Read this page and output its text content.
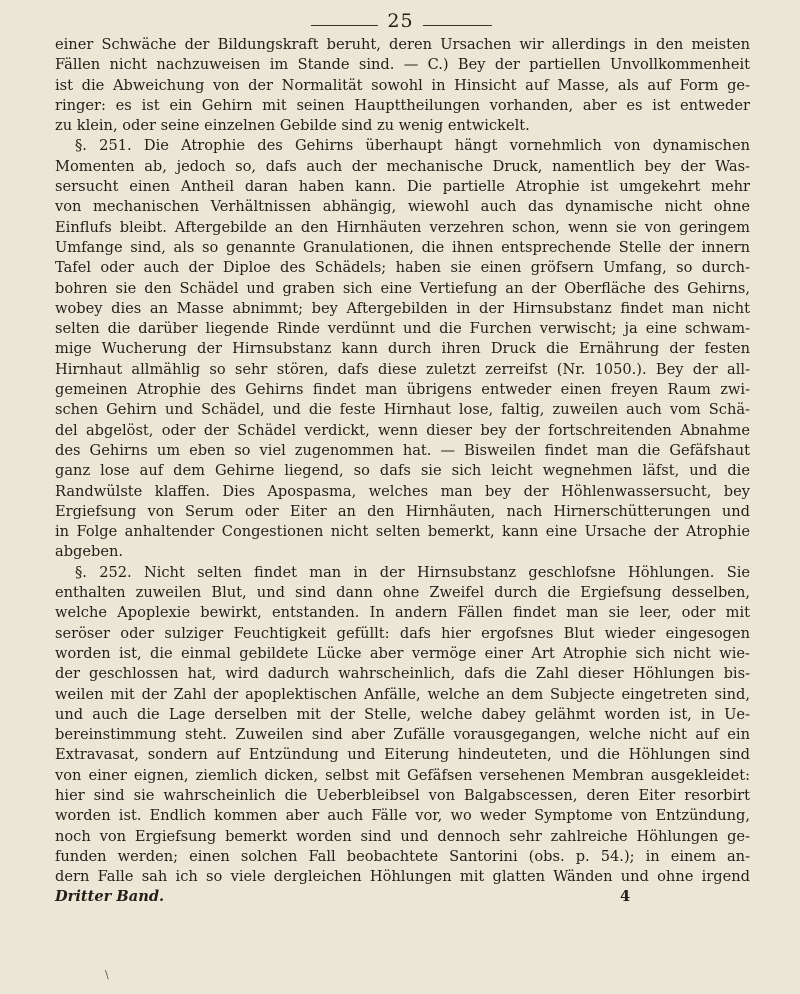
25
einer Schwäche der Bildungskraft beruht, deren Ursachen wir allerdings in den meisten
Fällen nicht nachzuweisen im Stande sind. — C.) Bey der partiellen Unvollkommenheit
ist die Abweichung von der Normalität sowohl in Hinsicht auf Masse, als auf Form ge-
ringer: es ist ein Gehirn mit seinen Haupttheilungen vorhanden, aber es ist entweder
zu klein, oder seine einzelnen Gebilde sind zu wenig entwickelt.
§. 251. Die Atrophie des Gehirns überhaupt hängt vornehmlich von dynamischen
Momenten ab, jedoch so, dafs auch der mechanische Druck, namentlich bey der Was-
sersucht einen Antheil daran haben kann. Die partielle Atrophie ist umgekehrt mehr
von mechanischen Verhältnissen abhängig, wiewohl auch das dynamische nicht ohne
Einflufs bleibt. Aftergebilde an den Hirnhäuten verzehren schon, wenn sie von geringem
Umfange sind, als so genannte Granulationen, die ihnen entsprechende Stelle der innern
Tafel oder auch der Diploe des Schädels; haben sie einen gröfsern Umfang, so durch-
bohren sie den Schädel und graben sich eine Vertiefung an der Oberfläche des Gehirns,
wobey dies an Masse abnimmt; bey Aftergebilden in der Hirnsubstanz findet man nicht
selten die darüber liegende Rinde verdünnt und die Furchen verwischt; ja eine schwam-
mige Wucherung der Hirnsubstanz kann durch ihren Druck die Ernährung der festen
Hirnhaut allmählig so sehr stören, dafs diese zuletzt zerreifst (Nr. 1050.). Bey der all-
gemeinen Atrophie des Gehirns findet man übrigens entweder einen freyen Raum zwi-
schen Gehirn und Schädel, und die feste Hirnhaut lose, faltig, zuweilen auch vom Schä-
del abgelöst, oder der Schädel verdickt, wenn dieser bey der fortschreitenden Abnahme
des Gehirns um eben so viel zugenommen hat. — Bisweilen findet man die Gefäfshaut
ganz lose auf dem Gehirne liegend, so dafs sie sich leicht wegnehmen läfst, und die
Randwülste klaffen. Dies Apospasma, welches man bey der Höhlenwassersucht, bey
Ergiefsung von Serum oder Eiter an den Hirnhäuten, nach Hirnerschütterungen und
in Folge anhaltender Congestionen nicht selten bemerkt, kann eine Ursache der Atrophie
abgeben.
§. 252. Nicht selten findet man in der Hirnsubstanz geschlofsne Höhlungen. Sie
enthalten zuweilen Blut, und sind dann ohne Zweifel durch die Ergiefsung desselben,
welche Apoplexie bewirkt, entstanden. In andern Fällen findet man sie leer, oder mit
seröser oder sulziger Feuchtigkeit gefüllt: dafs hier ergofsnes Blut wieder eingesogen
worden ist, die einmal gebildete Lücke aber vermöge einer Art Atrophie sich nicht wie-
der geschlossen hat, wird dadurch wahrscheinlich, dafs die Zahl dieser Höhlungen bis-
weilen mit der Zahl der apoplektischen Anfälle, welche an dem Subjecte eingetreten sind,
und auch die Lage derselben mit der Stelle, welche dabey gelähmt worden ist, in Ue-
bereinstimmung steht. Zuweilen sind aber Zufälle vorausgegangen, welche nicht auf ein
Extravasat, sondern auf Entzündung und Eiterung hindeuteten, und die Höhlungen sind
von einer eignen, ziemlich dicken, selbst mit Gefäfsen versehenen Membran ausgekleidet:
hier sind sie wahrscheinlich die Ueberbleibsel von Balgabscessen, deren Eiter resorbirt
worden ist. Endlich kommen aber auch Fälle vor, wo weder Symptome von Entzündung,
noch von Ergiefsung bemerkt worden sind und dennoch sehr zahlreiche Höhlungen ge-
funden werden; einen solchen Fall beobachtete Santorini (obs. p. 54.); in einem an-
dern Falle sah ich so viele dergleichen Höhlungen mit glatten Wänden und ohne irgend
Dritter Band.	4
\
